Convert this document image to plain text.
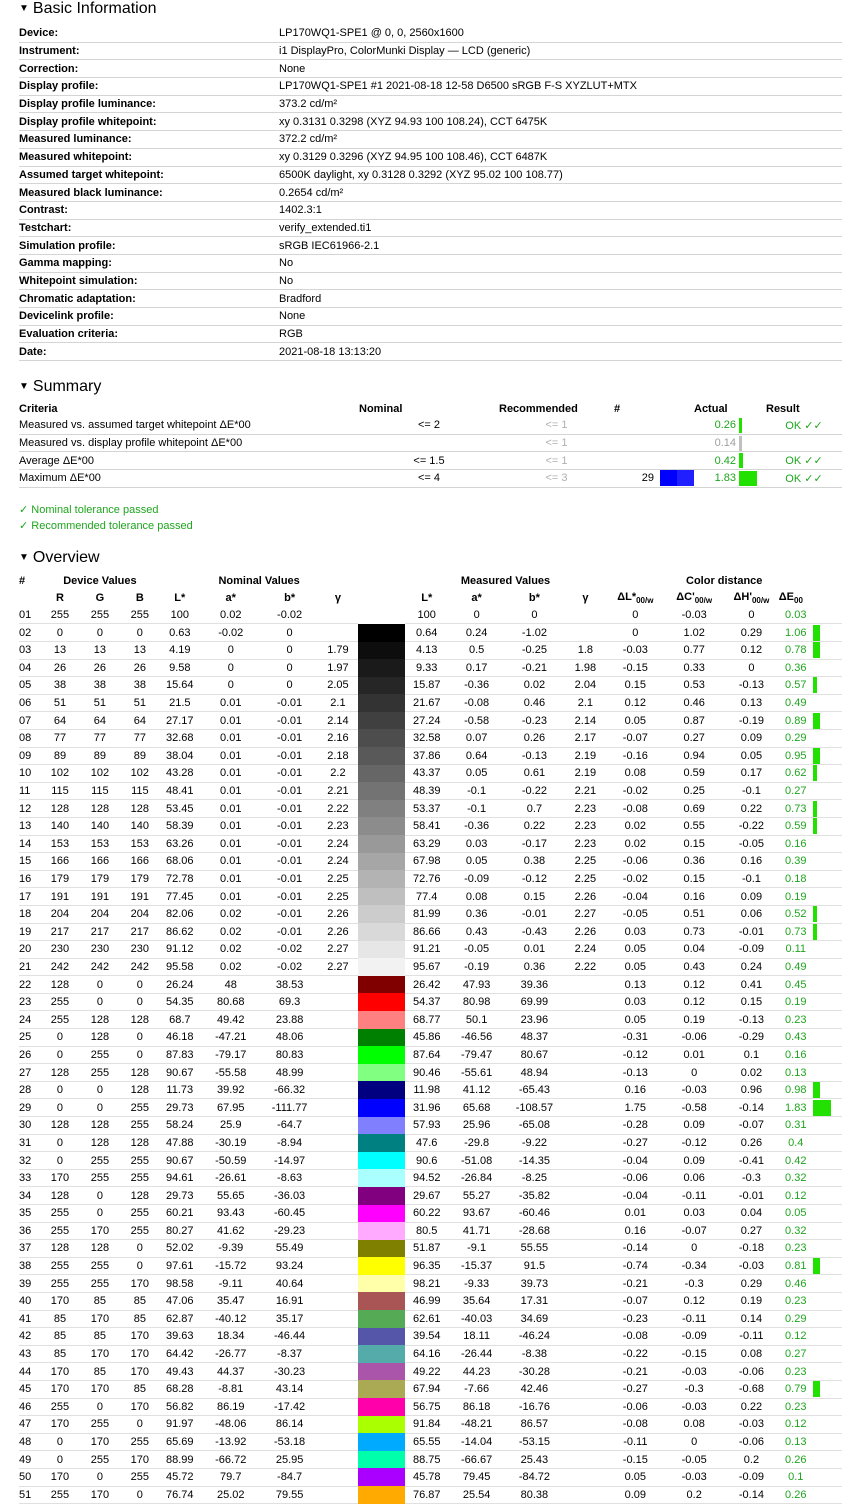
▼ Basic Information
Device:	LP170WQ1-SPE1 @ 0, 0, 2560x1600
Instrument:	i1 DisplayPro, ColorMunki Display — LCD (generic)
Correction:	None
Display profile:	LP170WQ1-SPE1 #1 2021-08-18 12-58 D6500 sRGB F-S XYZLUT+MTX
Display profile luminance:	373.2 cd/m²
Display profile whitepoint:	xy 0.3131 0.3298 (XYZ 94.93 100 108.24), CCT 6475K
Measured luminance:	372.2 cd/m²
Measured whitepoint:	xy 0.3129 0.3296 (XYZ 94.95 100 108.46), CCT 6487K
Assumed target whitepoint:	6500K daylight, xy 0.3128 0.3292 (XYZ 95.02 100 108.77)
Measured black luminance:	0.2654 cd/m²
Contrast:	1402.3:1
Testchart:	verify_extended.ti1
Simulation profile:	sRGB IEC61966-2.1
Gamma mapping:	No
Whitepoint simulation:	No
Chromatic adaptation:	Bradford
Devicelink profile:	None
Evaluation criteria:	RGB
Date:	2021-08-18 13:13:20
▼ Summary
Criteria	Nominal	Recommended	#		Actual		Result
Measured vs. assumed target whitepoint ΔE*00	<= 2	<= 1			0.26		OK ✓✓
Measured vs. display profile whitepoint ΔE*00		<= 1			0.14		
Average ΔE*00	<= 1.5	<= 1			0.42		OK ✓✓
Maximum ΔE*00	<= 4	<= 3	29		1.83		OK ✓✓
✓ Nominal tolerance passed
✓ Recommended tolerance passed
▼ Overview
#	Device Values			Nominal Values					Measured Values				Color distance			
	R	G	B	L*	a*	b*	γ		L*	a*	b*	γ	$\Delta L*_{00/w}$	$\Delta C'_{00/w}$	$\Delta H'_{00/w}$	$\Delta E_{00}$
01	255	255	255	100	0.02	-0.02			100	0	0		0	-0.03	0	0.03

02	0	0	0	0.63	-0.02	0			0.64	0.24	-1.02		0	1.02	0.29	1.06

03	13	13	13	4.19	0	0	1.79		4.13	0.5	-0.25	1.8	-0.03	0.77	0.12	0.78

04	26	26	26	9.58	0	0	1.97		9.33	0.17	-0.21	1.98	-0.15	0.33	0	0.36

05	38	38	38	15.64	0	0	2.05		15.87	-0.36	0.02	2.04	0.15	0.53	-0.13	0.57

06	51	51	51	21.5	0.01	-0.01	2.1		21.67	-0.08	0.46	2.1	0.12	0.46	0.13	0.49

07	64	64	64	27.17	0.01	-0.01	2.14		27.24	-0.58	-0.23	2.14	0.05	0.87	-0.19	0.89

08	77	77	77	32.68	0.01	-0.01	2.16		32.58	0.07	0.26	2.17	-0.07	0.27	0.09	0.29

09	89	89	89	38.04	0.01	-0.01	2.18		37.86	0.64	-0.13	2.19	-0.16	0.94	0.05	0.95

10	102	102	102	43.28	0.01	-0.01	2.2		43.37	0.05	0.61	2.19	0.08	0.59	0.17	0.62

11	115	115	115	48.41	0.01	-0.01	2.21		48.39	-0.1	-0.22	2.21	-0.02	0.25	-0.1	0.27

12	128	128	128	53.45	0.01	-0.01	2.22		53.37	-0.1	0.7	2.23	-0.08	0.69	0.22	0.73

13	140	140	140	58.39	0.01	-0.01	2.23		58.41	-0.36	0.22	2.23	0.02	0.55	-0.22	0.59

14	153	153	153	63.26	0.01	-0.01	2.24		63.29	0.03	-0.17	2.23	0.02	0.15	-0.05	0.16

15	166	166	166	68.06	0.01	-0.01	2.24		67.98	0.05	0.38	2.25	-0.06	0.36	0.16	0.39

16	179	179	179	72.78	0.01	-0.01	2.25		72.76	-0.09	-0.12	2.25	-0.02	0.15	-0.1	0.18

17	191	191	191	77.45	0.01	-0.01	2.25		77.4	0.08	0.15	2.26	-0.04	0.16	0.09	0.19

18	204	204	204	82.06	0.02	-0.01	2.26		81.99	0.36	-0.01	2.27	-0.05	0.51	0.06	0.52

19	217	217	217	86.62	0.02	-0.01	2.26		86.66	0.43	-0.43	2.26	0.03	0.73	-0.01	0.73

20	230	230	230	91.12	0.02	-0.02	2.27		91.21	-0.05	0.01	2.24	0.05	0.04	-0.09	0.11

21	242	242	242	95.58	0.02	-0.02	2.27		95.67	-0.19	0.36	2.22	0.05	0.43	0.24	0.49

22	128	0	0	26.24	48	38.53			26.42	47.93	39.36		0.13	0.12	0.41	0.45

23	255	0	0	54.35	80.68	69.3			54.37	80.98	69.99		0.03	0.12	0.15	0.19

24	255	128	128	68.7	49.42	23.88			68.77	50.1	23.96		0.05	0.19	-0.13	0.23

25	0	128	0	46.18	-47.21	48.06			45.86	-46.56	48.37		-0.31	-0.06	-0.29	0.43

26	0	255	0	87.83	-79.17	80.83			87.64	-79.47	80.67		-0.12	0.01	0.1	0.16

27	128	255	128	90.67	-55.58	48.99			90.46	-55.61	48.94		-0.13	0	0.02	0.13

28	0	0	128	11.73	39.92	-66.32			11.98	41.12	-65.43		0.16	-0.03	0.96	0.98

29	0	0	255	29.73	67.95	-111.77			31.96	65.68	-108.57		1.75	-0.58	-0.14	1.83

30	128	128	255	58.24	25.9	-64.7			57.93	25.96	-65.08		-0.28	0.09	-0.07	0.31

31	0	128	128	47.88	-30.19	-8.94			47.6	-29.8	-9.22		-0.27	-0.12	0.26	0.4

32	0	255	255	90.67	-50.59	-14.97			90.6	-51.08	-14.35		-0.04	0.09	-0.41	0.42

33	170	255	255	94.61	-26.61	-8.63			94.52	-26.84	-8.25		-0.06	0.06	-0.3	0.32

34	128	0	128	29.73	55.65	-36.03			29.67	55.27	-35.82		-0.04	-0.11	-0.01	0.12

35	255	0	255	60.21	93.43	-60.45			60.22	93.67	-60.46		0.01	0.03	0.04	0.05

36	255	170	255	80.27	41.62	-29.23			80.5	41.71	-28.68		0.16	-0.07	0.27	0.32

37	128	128	0	52.02	-9.39	55.49			51.87	-9.1	55.55		-0.14	0	-0.18	0.23

38	255	255	0	97.61	-15.72	93.24			96.35	-15.37	91.5		-0.74	-0.34	-0.03	0.81

39	255	255	170	98.58	-9.11	40.64			98.21	-9.33	39.73		-0.21	-0.3	0.29	0.46

40	170	85	85	47.06	35.47	16.91			46.99	35.64	17.31		-0.07	0.12	0.19	0.23

41	85	170	85	62.87	-40.12	35.17			62.61	-40.03	34.69		-0.23	-0.11	0.14	0.29

42	85	85	170	39.63	18.34	-46.44			39.54	18.11	-46.24		-0.08	-0.09	-0.11	0.12

43	85	170	170	64.42	-26.77	-8.37			64.16	-26.44	-8.38		-0.22	-0.15	0.08	0.27

44	170	85	170	49.43	44.37	-30.23			49.22	44.23	-30.28		-0.21	-0.03	-0.06	0.23

45	170	170	85	68.28	-8.81	43.14			67.94	-7.66	42.46		-0.27	-0.3	-0.68	0.79

46	255	0	170	56.82	86.19	-17.42			56.75	86.18	-16.76		-0.06	-0.03	0.22	0.23

47	170	255	0	91.97	-48.06	86.14			91.84	-48.21	86.57		-0.08	0.08	-0.03	0.12

48	0	170	255	65.69	-13.92	-53.18			65.55	-14.04	-53.15		-0.11	0	-0.06	0.13

49	0	255	170	88.99	-66.72	25.95			88.75	-66.67	25.43		-0.15	-0.05	0.2	0.26

50	170	0	255	45.72	79.7	-84.7			45.78	79.45	-84.72		0.05	-0.03	-0.09	0.1

51	255	170	0	76.74	25.02	79.55			76.87	25.54	80.38		0.09	0.2	-0.14	0.26
